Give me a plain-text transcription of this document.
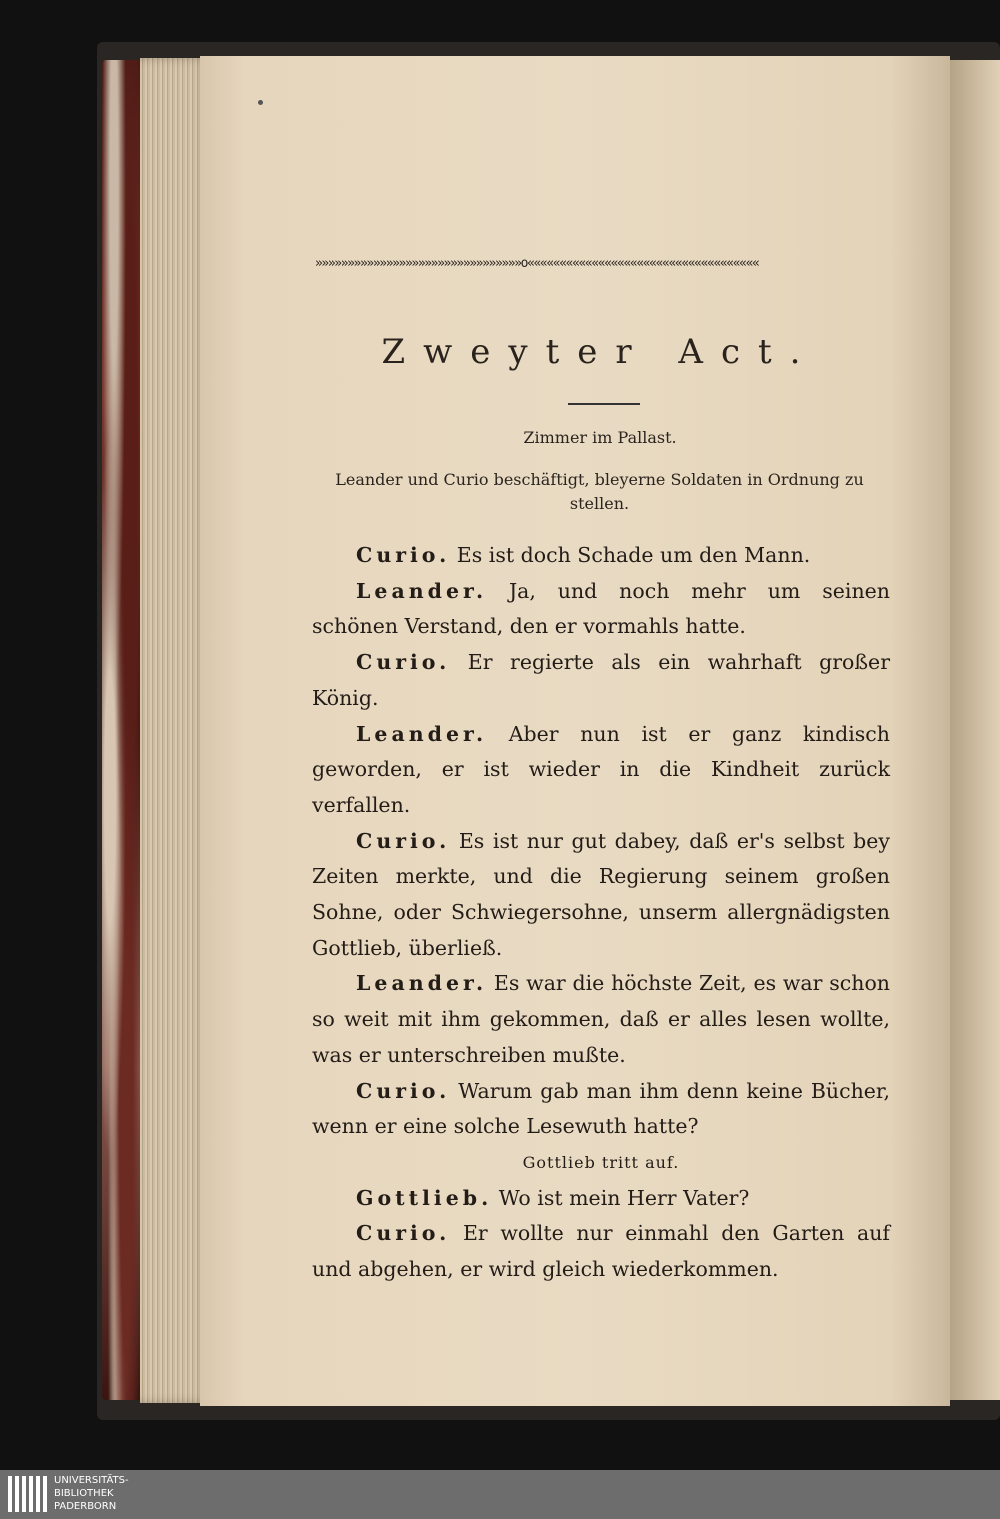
»»»»»»»»»»»»»»»»»»»»»»»»»»»»»»»»o««««««««««««««««««««««««««««««««««««
Zweyter Act.
Zimmer im Pallast.
Leander und Curio beschäftigt, bleyerne Soldaten in Ordnung zu stellen.

Curio. Es ist doch Schade um den Mann.

Leander. Ja, und noch mehr um seinen schönen Verstand, den er vormahls hatte.

Curio. Er regierte als ein wahrhaft großer König.

Leander. Aber nun ist er ganz kindisch geworden, er ist wieder in die Kindheit zurück verfallen.

Curio. Es ist nur gut dabey, daß er's selbst bey Zeiten merkte, und die Regierung seinem großen Sohne, oder Schwiegersohne, unserm allergnädigsten Gottlieb, überließ.

Leander. Es war die höchste Zeit, es war schon so weit mit ihm gekommen, daß er alles lesen wollte, was er unterschreiben mußte.

Curio. Warum gab man ihm denn keine Bücher, wenn er eine solche Lesewuth hatte?

Gottlieb tritt auf.

Gottlieb. Wo ist mein Herr Vater?

Curio. Er wollte nur einmahl den Garten auf und abgehen, er wird gleich wiederkommen.

UNIVERSITÄTS-
BIBLIOTHEK
PADERBORN
